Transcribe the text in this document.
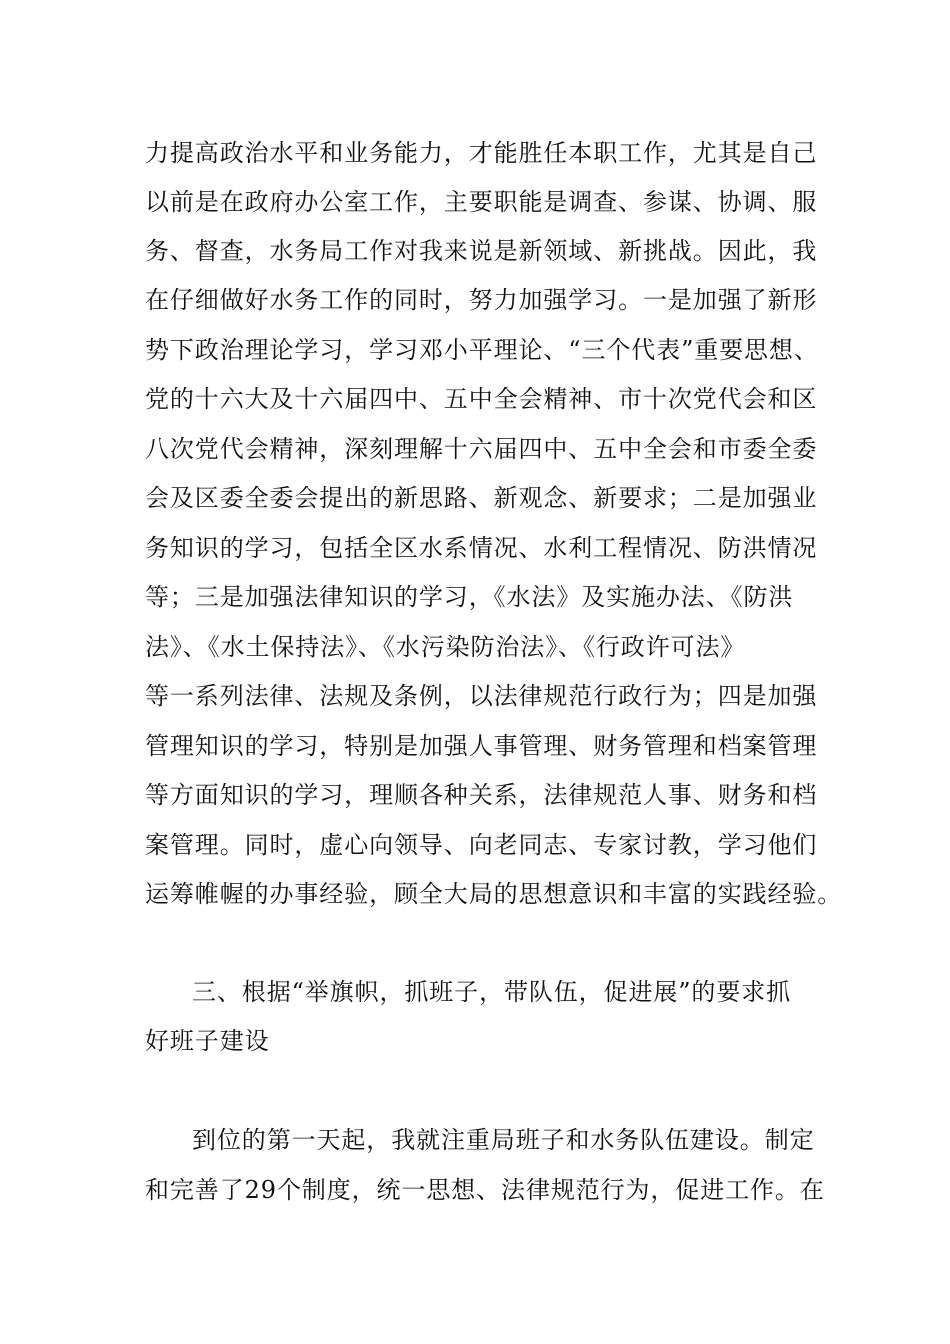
力提高政治水平和业务能力，才能胜任本职工作，尤其是自己
以前是在政府办公室工作，主要职能是调查、参谋、协调、服
务、督查，水务局工作对我来说是新领域、新挑战。因此，我
在仔细做好水务工作的同时，努力加强学习。一是加强了新形
势下政治理论学习，学习邓小平理论、“三个代表”重要思想、
党的十六大及十六届四中、五中全会精神、市十次党代会和区
八次党代会精神，深刻理解十六届四中、五中全会和市委全委
会及区委全委会提出的新思路、新观念、新要求；二是加强业
务知识的学习，包括全区水系情况、水利工程情况、防洪情况
等；三是加强法律知识的学习，《水法》及实施办法、《防洪
法》、《水土保持法》、《水污染防治法》、《行政许可法》
等一系列法律、法规及条例，以法律规范行政行为；四是加强
管理知识的学习，特别是加强人事管理、财务管理和档案管理
等方面知识的学习，理顺各种关系，法律规范人事、财务和档
案管理。同时，虚心向领导、向老同志、专家讨教，学习他们
运筹帷幄的办事经验，顾全大局的思想意识和丰富的实践经验。
三、根据“举旗帜，抓班子，带队伍，促进展”的要求抓
好班子建设
到位的第一天起，我就注重局班子和水务队伍建设。制定
和完善了29个制度，统一思想、法律规范行为，促进工作。在
